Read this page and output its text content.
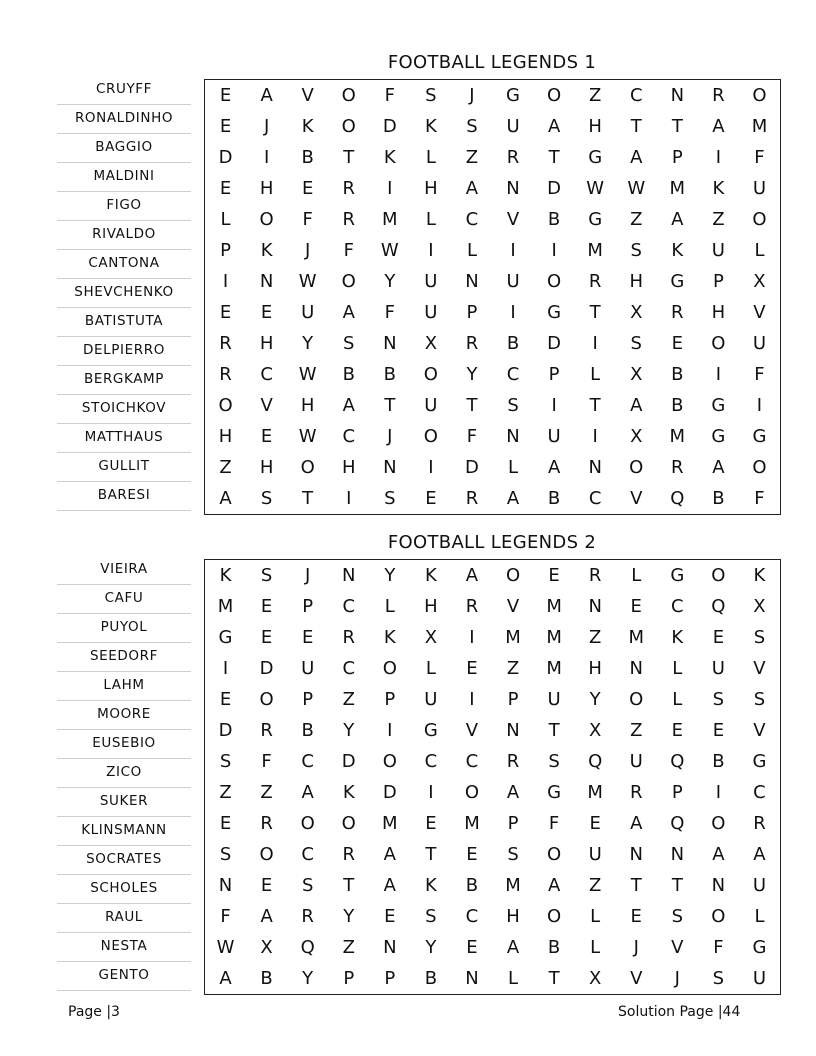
FOOTBALL LEGENDS 1
CRUYFF
RONALDINHO
BAGGIO
MALDINI
FIGO
RIVALDO
CANTONA
SHEVCHENKO
BATISTUTA
DELPIERRO
BERGKAMP
STOICHKOV
MATTHAUS
GULLIT
BARESI
E	A	V	O	F	S	J	G	O	Z	C	N	R	O
E	J	K	O	D	K	S	U	A	H	T	T	A	M
D	I	B	T	K	L	Z	R	T	G	A	P	I	F
E	H	E	R	I	H	A	N	D	W	W	M	K	U
L	O	F	R	M	L	C	V	B	G	Z	A	Z	O
P	K	J	F	W	I	L	I	I	M	S	K	U	L
I	N	W	O	Y	U	N	U	O	R	H	G	P	X
E	E	U	A	F	U	P	I	G	T	X	R	H	V
R	H	Y	S	N	X	R	B	D	I	S	E	O	U
R	C	W	B	B	O	Y	C	P	L	X	B	I	F
O	V	H	A	T	U	T	S	I	T	A	B	G	I
H	E	W	C	J	O	F	N	U	I	X	M	G	G
Z	H	O	H	N	I	D	L	A	N	O	R	A	O
A	S	T	I	S	E	R	A	B	C	V	Q	B	F
FOOTBALL LEGENDS 2
VIEIRA
CAFU
PUYOL
SEEDORF
LAHM
MOORE
EUSEBIO
ZICO
SUKER
KLINSMANN
SOCRATES
SCHOLES
RAUL
NESTA
GENTO
K	S	J	N	Y	K	A	O	E	R	L	G	O	K
M	E	P	C	L	H	R	V	M	N	E	C	Q	X
G	E	E	R	K	X	I	M	M	Z	M	K	E	S
I	D	U	C	O	L	E	Z	M	H	N	L	U	V
E	O	P	Z	P	U	I	P	U	Y	O	L	S	S
D	R	B	Y	I	G	V	N	T	X	Z	E	E	V
S	F	C	D	O	C	C	R	S	Q	U	Q	B	G
Z	Z	A	K	D	I	O	A	G	M	R	P	I	C
E	R	O	O	M	E	M	P	F	E	A	Q	O	R
S	O	C	R	A	T	E	S	O	U	N	N	A	A
N	E	S	T	A	K	B	M	A	Z	T	T	N	U
F	A	R	Y	E	S	C	H	O	L	E	S	O	L
W	X	Q	Z	N	Y	E	A	B	L	J	V	F	G
A	B	Y	P	P	B	N	L	T	X	V	J	S	U
Page |3	Solution Page |44
